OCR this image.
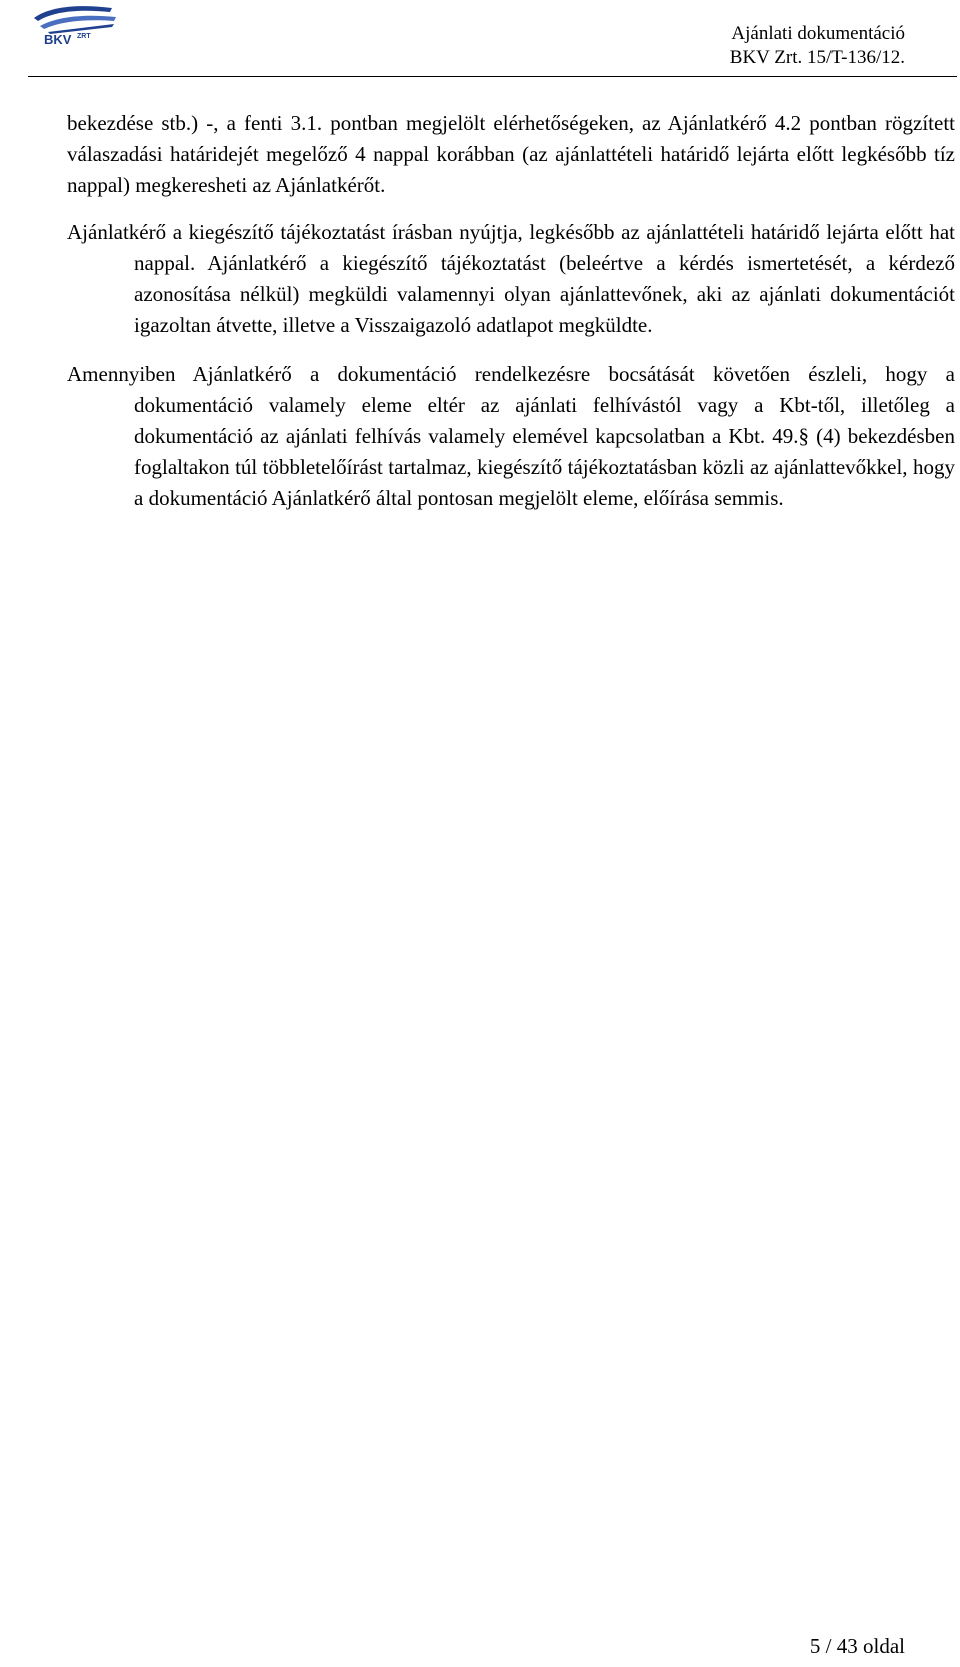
BKV ZRT	Ajánlati dokumentáció
BKV Zrt. 15/T-136/12.

bekezdése stb.) -, a fenti 3.1. pontban megjelölt elérhetőségeken, az Ajánlatkérő 4.2 pontban rögzített válaszadási határidejét megelőző 4 nappal korábban (az ajánlattételi határidő lejárta előtt legkésőbb tíz nappal) megkeresheti az Ajánlatkérőt.

Ajánlatkérő a kiegészítő tájékoztatást írásban nyújtja, legkésőbb az ajánlattételi határidő lejárta előtt hat nappal. Ajánlatkérő a kiegészítő tájékoztatást (beleértve a kérdés ismertetését, a kérdező azonosítása nélkül) megküldi valamennyi olyan ajánlattevőnek, aki az ajánlati dokumentációt igazoltan átvette, illetve a Visszaigazoló adatlapot megküldte.

Amennyiben Ajánlatkérő a dokumentáció rendelkezésre bocsátását követően észleli, hogy a dokumentáció valamely eleme eltér az ajánlati felhívástól vagy a Kbt-től, illetőleg a dokumentáció az ajánlati felhívás valamely elemével kapcsolatban a Kbt. 49.§ (4) bekezdésben foglaltakon túl többletelőírást tartalmaz, kiegészítő tájékoztatásban közli az ajánlattevőkkel, hogy a dokumentáció Ajánlatkérő által pontosan megjelölt eleme, előírása semmis.

5 / 43 oldal
